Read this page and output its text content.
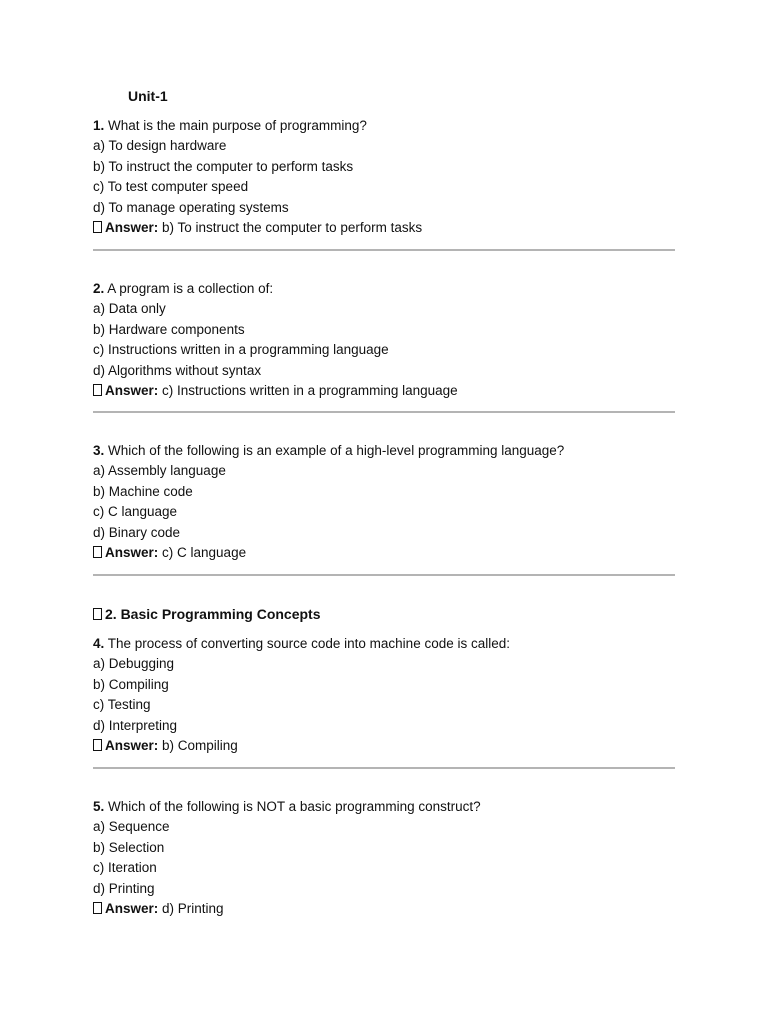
Unit-1
1. What is the main purpose of programming?
a) To design hardware
b) To instruct the computer to perform tasks
c) To test computer speed
d) To manage operating systems
Answer: b) To instruct the computer to perform tasks
2. A program is a collection of:
a) Data only
b) Hardware components
c) Instructions written in a programming language
d) Algorithms without syntax
Answer: c) Instructions written in a programming language
3. Which of the following is an example of a high-level programming language?
a) Assembly language
b) Machine code
c) C language
d) Binary code
Answer: c) C language
2. Basic Programming Concepts
4. The process of converting source code into machine code is called:
a) Debugging
b) Compiling
c) Testing
d) Interpreting
Answer: b) Compiling
5. Which of the following is NOT a basic programming construct?
a) Sequence
b) Selection
c) Iteration
d) Printing
Answer: d) Printing
